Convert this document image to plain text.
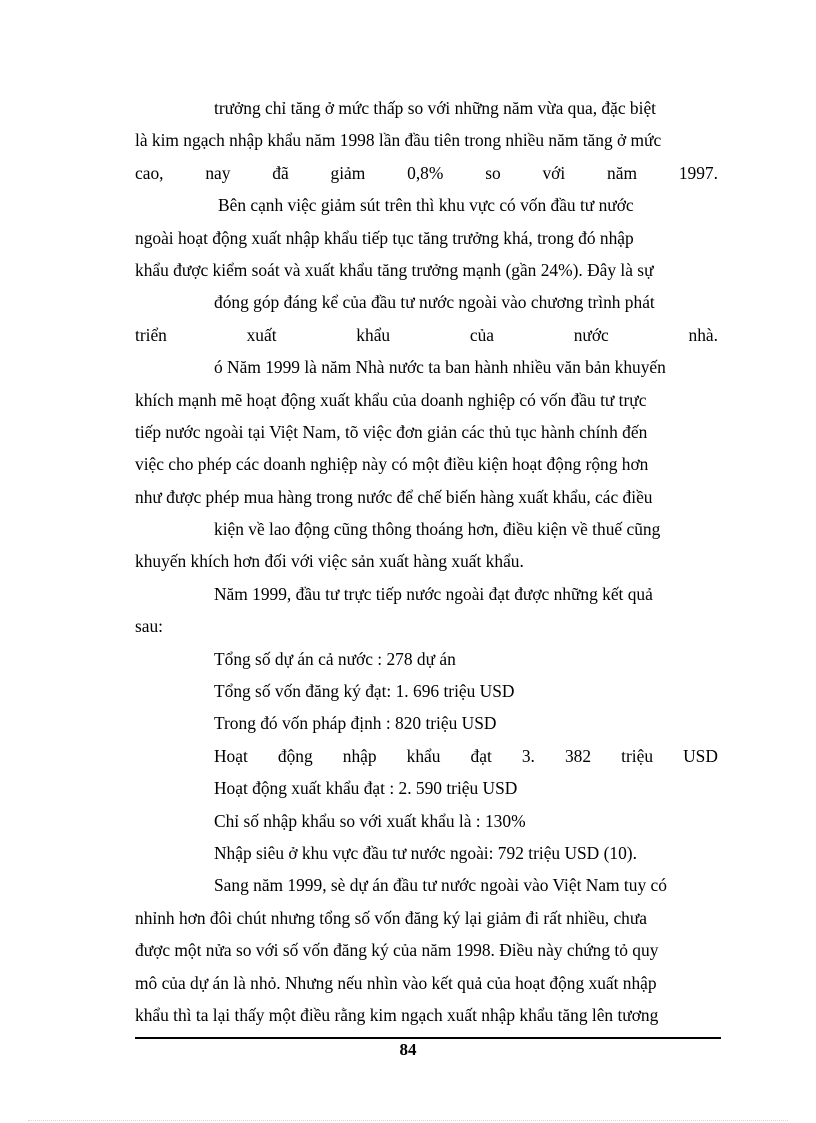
trưởng chỉ tăng ở mức thấp so với những năm vừa qua, đặc biệt
là kim ngạch nhập khẩu năm 1998 lần đầu tiên trong nhiều năm tăng ở mức
cao, nay đã giảm 0,8% so với năm 1997.
Bên cạnh việc giảm sút trên thì khu vực có vốn đầu tư nước
ngoài hoạt động xuất nhập khẩu tiếp tục tăng trưởng khá, trong đó nhập
khẩu được kiểm soát và xuất khẩu tăng trưởng mạnh (gần 24%). Đây là sự
đóng góp đáng kể của đầu tư nước ngoài vào chương trình phát
triển	xuất	khẩu	của	nước	nhà.
ó Năm 1999 là năm Nhà nước ta ban hành nhiều văn bản khuyến
khích mạnh mẽ hoạt động xuất khẩu của doanh nghiệp có vốn đầu tư trực
tiếp nước ngoài tại Việt Nam, tõ việc đơn giản các thủ tục hành chính đến
việc cho phép các doanh nghiệp này có một điều kiện hoạt động rộng hơn
như được phép mua hàng trong nước để chế biến hàng xuất khẩu, các điều
kiện về lao động cũng thông thoáng hơn, điều kiện về thuế cũng
khuyến khích hơn đối với việc sản xuất hàng xuất khẩu.
Năm 1999, đầu tư trực tiếp nước ngoài đạt được những kết quả
sau:
Tổng số dự án cả nước : 278 dự án
Tổng số vốn đăng ký đạt: 1. 696 triệu USD
Trong đó vốn pháp định : 820 triệu USD
Hoạt động nhập khẩu đạt 3. 382 triệu USD
Hoạt động xuất khẩu đạt : 2. 590 triệu USD
Chỉ số nhập khẩu so với xuất khẩu là : 130%
Nhập siêu ở khu vực đầu tư nước ngoài: 792 triệu USD (10).
Sang năm 1999, sè dự án đầu tư nước ngoài vào Việt Nam tuy có
nhỉnh hơn đôi chút nhưng tổng số vốn đăng ký lại giảm đi rất nhiều, chưa
được một nửa so với số vốn đăng ký của năm 1998. Điều này chứng tỏ quy
mô của dự án là nhỏ. Nhưng nếu nhìn vào kết quả của hoạt động xuất nhập
khẩu thì ta lại thấy một điều rằng kim ngạch xuất nhập khẩu tăng lên tương
84
